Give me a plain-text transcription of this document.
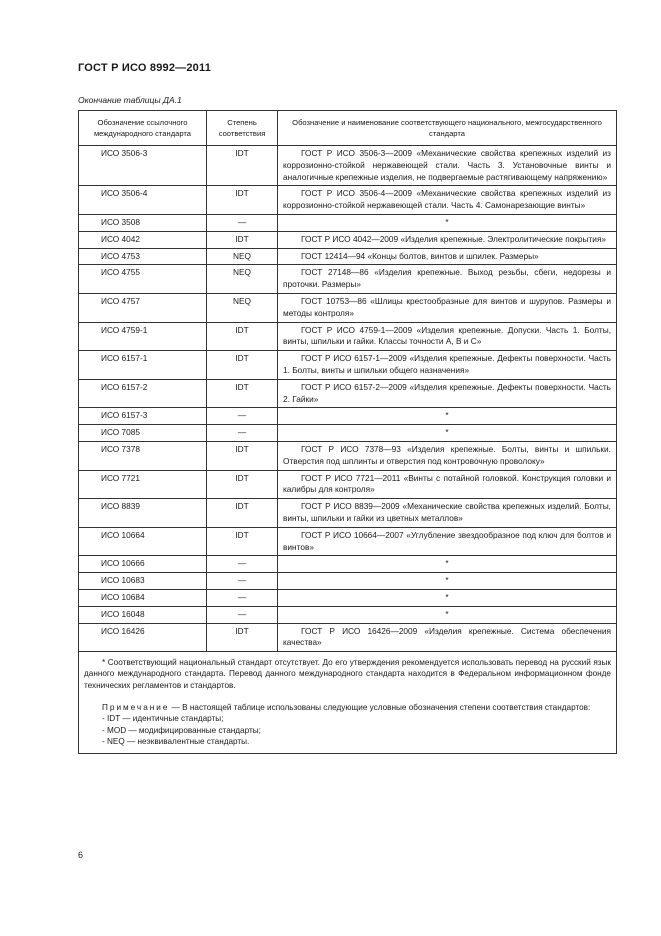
ГОСТ Р ИСО 8992—2011
Окончание таблицы ДА.1
Обозначение ссылочного международного стандарта	Степень соответствия	Обозначение и наименование соответствующего национального, межгосударственного стандарта
ИСО 3506-3	IDT	ГОСТ Р ИСО 3506-3—2009 «Механические свойства крепежных изделий из коррозионно-стойкой нержавеющей стали. Часть 3. Установочные винты и аналогичные крепежные изделия, не подвергаемые растягивающему напряжению»
ИСО 3506-4	IDT	ГОСТ Р ИСО 3506-4—2009 «Механические свойства крепежных изделий из коррозионно-стойкой нержавеющей стали. Часть 4. Самонарезающие винты»
ИСО 3508	—	*
ИСО 4042	IDT	ГОСТ Р ИСО 4042—2009 «Изделия крепежные. Электролитические покрытия»
ИСО 4753	NEQ	ГОСТ 12414—94 «Концы болтов, винтов и шпилек. Размеры»
ИСО 4755	NEQ	ГОСТ 27148—86 «Изделия крепежные. Выход резьбы, сбеги, недорезы и проточки. Размеры»
ИСО 4757	NEQ	ГОСТ 10753—86 «Шлицы крестообразные для винтов и шурупов. Размеры и методы контроля»
ИСО 4759-1	IDT	ГОСТ Р ИСО 4759-1—2009 «Изделия крепежные. Допуски. Часть 1. Болты, винты, шпильки и гайки. Классы точности А, В и С»
ИСО 6157-1	IDT	ГОСТ Р ИСО 6157-1—2009 «Изделия крепежные. Дефекты поверхности. Часть 1. Болты, винты и шпильки общего назначения»
ИСО 6157-2	IDT	ГОСТ Р ИСО 6157-2—2009 «Изделия крепежные. Дефекты поверхности. Часть 2. Гайки»
ИСО 6157-3	—	*
ИСО 7085	—	*
ИСО 7378	IDT	ГОСТ Р ИСО 7378—93 «Изделия крепежные. Болты, винты и шпильки. Отверстия под шплинты и отверстия под контровочную проволоку»
ИСО 7721	IDT	ГОСТ Р ИСО 7721—2011 «Винты с потайной головкой. Конструкция головки и калибры для контроля»
ИСО 8839	IDT	ГОСТ Р ИСО 8839—2009 «Механические свойства крепежных изделий. Болты, винты, шпильки и гайки из цветных металлов»
ИСО 10664	IDT	ГОСТ Р ИСО 10664—2007 «Углубление звездообразное под ключ для болтов и винтов»
ИСО 10666	—	*
ИСО 10683	—	*
ИСО 10684	—	*
ИСО 16048	—	*
ИСО 16426	IDT	ГОСТ Р ИСО 16426—2009 «Изделия крепежные. Система обеспечения качества»

* Соответствующий национальный стандарт отсутствует. До его утверждения рекомендуется использовать перевод на русский язык данного международного стандарта. Перевод данного международного стандарта находится в Федеральном информационном фонде технических регламентов и стандартов.

Примечание — В настоящей таблице использованы следующие условные обозначения степени соответствия стандартов:

- IDT — идентичные стандарты;

- MOD — модифицированные стандарты;

- NEQ — неэквивалентные стандарты.		

6
